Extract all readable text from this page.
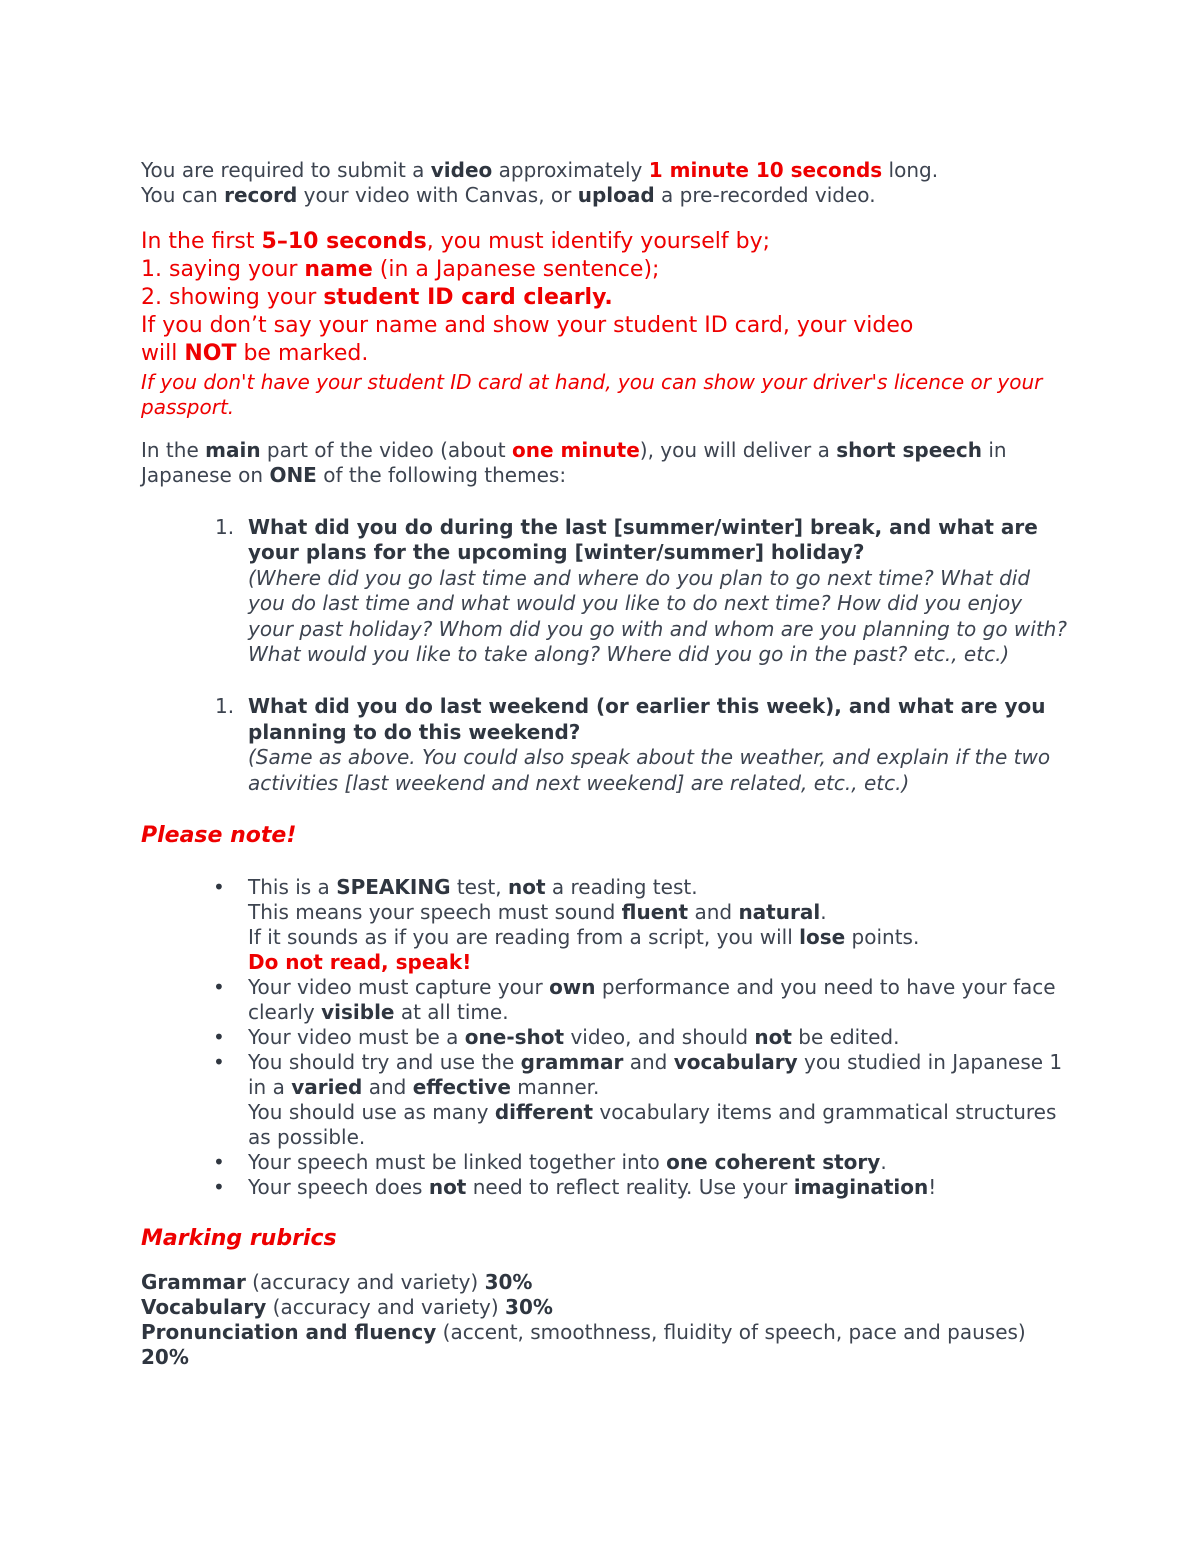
You are required to submit a video approximately 1 minute 10 seconds long.

You can record your video with Canvas, or upload a pre-recorded video.

In the first 5–10 seconds, you must identify yourself by;

1. saying your name (in a Japanese sentence);

2. showing your student ID card clearly.

If you don’t say your name and show your student ID card, your video

will NOT be marked.

If you don't have your student ID card at hand, you can show your driver's licence or your passport.

In the main part of the video (about one minute), you will deliver a short speech in Japanese on ONE of the following themes:

1. What did you do during the last [summer/winter] break, and what are your plans for the upcoming [winter/summer] holiday?

(Where did you go last time and where do you plan to go next time? What did you do last time and what would you like to do next time? How did you enjoy your past holiday? Whom did you go with and whom are you planning to go with? What would you like to take along? Where did you go in the past? etc., etc.)

1. What did you do last weekend (or earlier this week), and what are you planning to do this weekend?

(Same as above. You could also speak about the weather, and explain if the two activities [last weekend and next weekend] are related, etc., etc.)

Please note!

• This is a SPEAKING test, not a reading test.

This means your speech must sound fluent and natural.

If it sounds as if you are reading from a script, you will lose points.

Do not read, speak!

• Your video must capture your own performance and you need to have your face clearly visible at all time.

• Your video must be a one-shot video, and should not be edited.

• You should try and use the grammar and vocabulary you studied in Japanese 1 in a varied and effective manner.

You should use as many different vocabulary items and grammatical structures as possible.

• Your speech must be linked together into one coherent story.

• Your speech does not need to reflect reality. Use your imagination!

Marking rubrics

Grammar (accuracy and variety) 30%

Vocabulary (accuracy and variety) 30%

Pronunciation and fluency (accent, smoothness, fluidity of speech, pace and pauses) 20%
